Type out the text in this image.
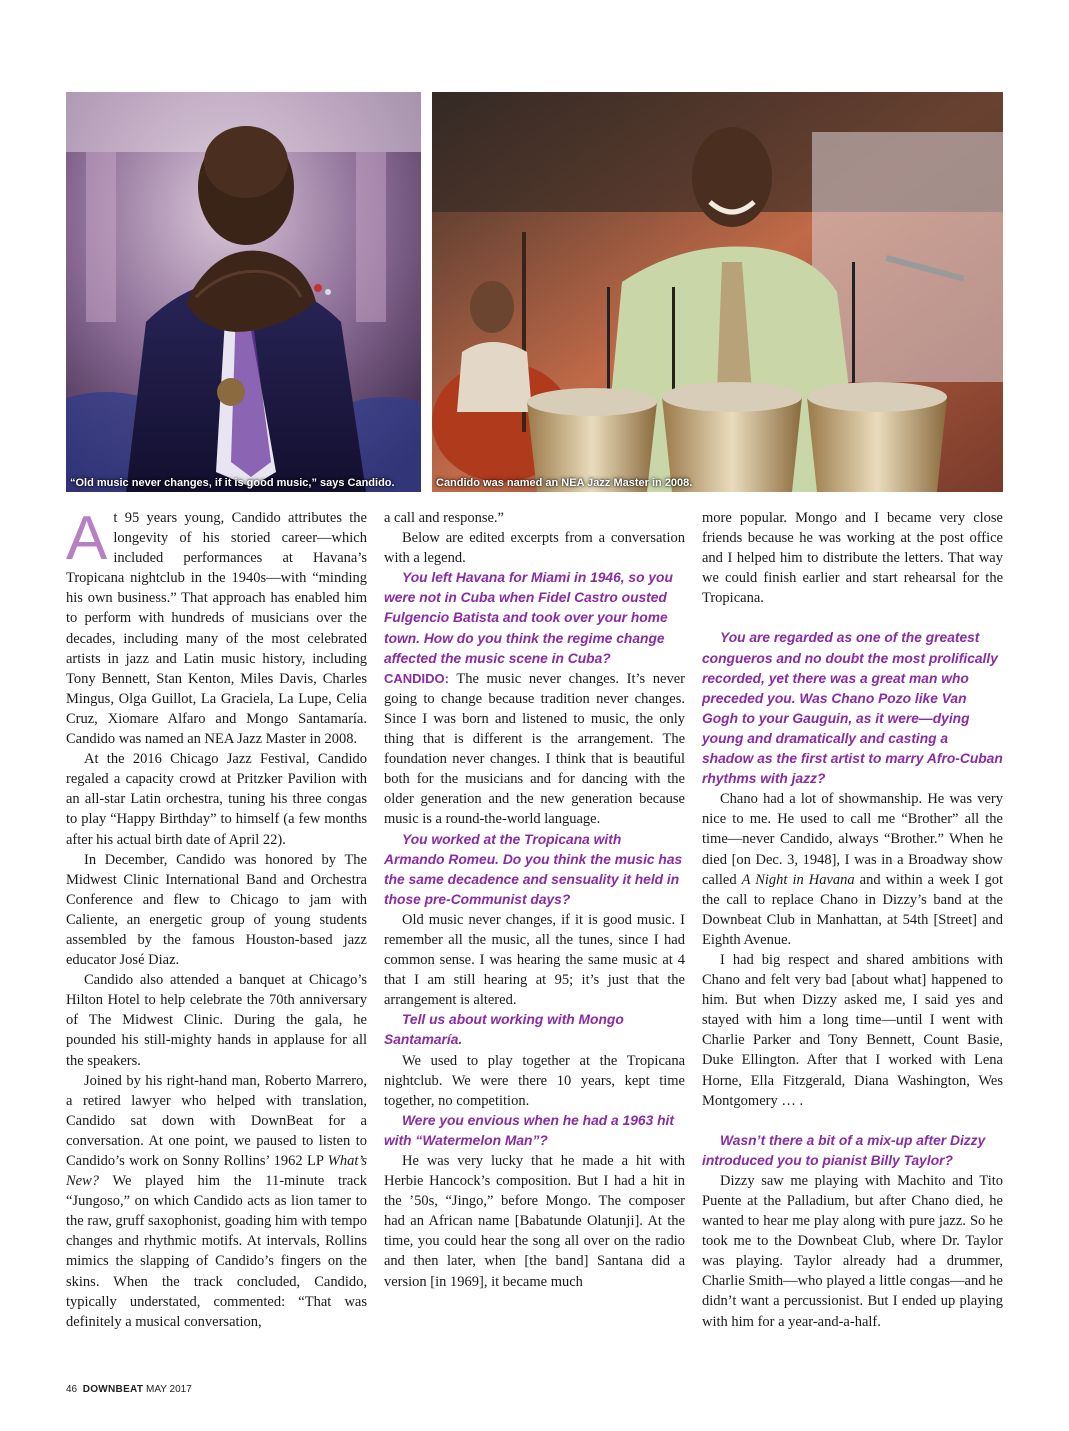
“Old music never changes, if it is good music,” says Candido.	Candido was named an NEA Jazz Master in 2008.

At 95 years young, Candido attributes the longevity of his storied career—which included performances at Havana’s Tropicana nightclub in the 1940s—with “minding his own business.” That approach has enabled him to perform with hundreds of musicians over the decades, including many of the most celebrated artists in jazz and Latin music history, including Tony Bennett, Stan Kenton, Miles Davis, Charles Mingus, Olga Guillot, La Graciela, La Lupe, Celia Cruz, Xiomare Alfaro and Mongo Santamaría. Candido was named an NEA Jazz Master in 2008.

At the 2016 Chicago Jazz Festival, Candido regaled a capacity crowd at Pritzker Pavilion with an all-star Latin orchestra, tuning his three congas to play “Happy Birthday” to himself (a few months after his actual birth date of April 22).

In December, Candido was honored by The Midwest Clinic International Band and Orchestra Conference and flew to Chicago to jam with Caliente, an energetic group of young students assembled by the famous Houston-based jazz educator José Diaz.

Candido also attended a banquet at Chicago’s Hilton Hotel to help celebrate the 70th anniversary of The Midwest Clinic. During the gala, he pounded his still-mighty hands in applause for all the speakers.

Joined by his right-hand man, Roberto Marrero, a retired lawyer who helped with translation, Candido sat down with DownBeat for a conversation. At one point, we paused to listen to Candido’s work on Sonny Rollins’ 1962 LP What’s New? We played him the 11-minute track “Jungoso,” on which Candido acts as lion tamer to the raw, gruff saxophonist, goading him with tempo changes and rhythmic motifs. At intervals, Rollins mimics the slapping of Candido’s fingers on the skins. When the track concluded, Candido, typically understated, commented: “That was definitely a musical conversation,

a call and response.”

Below are edited excerpts from a conversation with a legend.

You left Havana for Miami in 1946, so you were not in Cuba when Fidel Castro ousted Fulgencio Batista and took over your home town. How do you think the regime change affected the music scene in Cuba?

CANDIDO: The music never changes. It’s never going to change because tradition never changes. Since I was born and listened to music, the only thing that is different is the arrangement. The foundation never changes. I think that is beautiful both for the musicians and for dancing with the older generation and the new generation because music is a round-the-world language.

You worked at the Tropicana with Armando Romeu. Do you think the music has the same decadence and sensuality it held in those pre-Communist days?

Old music never changes, if it is good music. I remember all the music, all the tunes, since I had common sense. I was hearing the same music at 4 that I am still hearing at 95; it’s just that the arrangement is altered.

Tell us about working with Mongo Santamaría.

We used to play together at the Tropicana nightclub. We were there 10 years, kept time together, no competition.

Were you envious when he had a 1963 hit with “Watermelon Man”?

He was very lucky that he made a hit with Herbie Hancock’s composition. But I had a hit in the ’50s, “Jingo,” before Mongo. The composer had an African name [Babatunde Olatunji]. At the time, you could hear the song all over on the radio and then later, when [the band] Santana did a version [in 1969], it became much

more popular. Mongo and I became very close friends because he was working at the post office and I helped him to distribute the letters. That way we could finish earlier and start rehearsal for the Tropicana.

You are regarded as one of the greatest congueros and no doubt the most prolifically recorded, yet there was a great man who preceded you. Was Chano Pozo like Van Gogh to your Gauguin, as it were—dying young and dramatically and casting a shadow as the first artist to marry Afro-Cuban rhythms with jazz?

Chano had a lot of showmanship. He was very nice to me. He used to call me “Brother” all the time—never Candido, always “Brother.” When he died [on Dec. 3, 1948], I was in a Broadway show called A Night in Havana and within a week I got the call to replace Chano in Dizzy’s band at the Downbeat Club in Manhattan, at 54th [Street] and Eighth Avenue.

I had big respect and shared ambitions with Chano and felt very bad [about what] happened to him. But when Dizzy asked me, I said yes and stayed with him a long time—until I went with Charlie Parker and Tony Bennett, Count Basie, Duke Ellington. After that I worked with Lena Horne, Ella Fitzgerald, Diana Washington, Wes Montgomery … .

Wasn’t there a bit of a mix-up after Dizzy introduced you to pianist Billy Taylor?

Dizzy saw me playing with Machito and Tito Puente at the Palladium, but after Chano died, he wanted to hear me play along with pure jazz. So he took me to the Downbeat Club, where Dr. Taylor was playing. Taylor already had a drummer, Charlie Smith—who played a little congas—and he didn’t want a percussionist. But I ended up playing with him for a year-and-a-half.

46 DOWNBEAT MAY 2017
